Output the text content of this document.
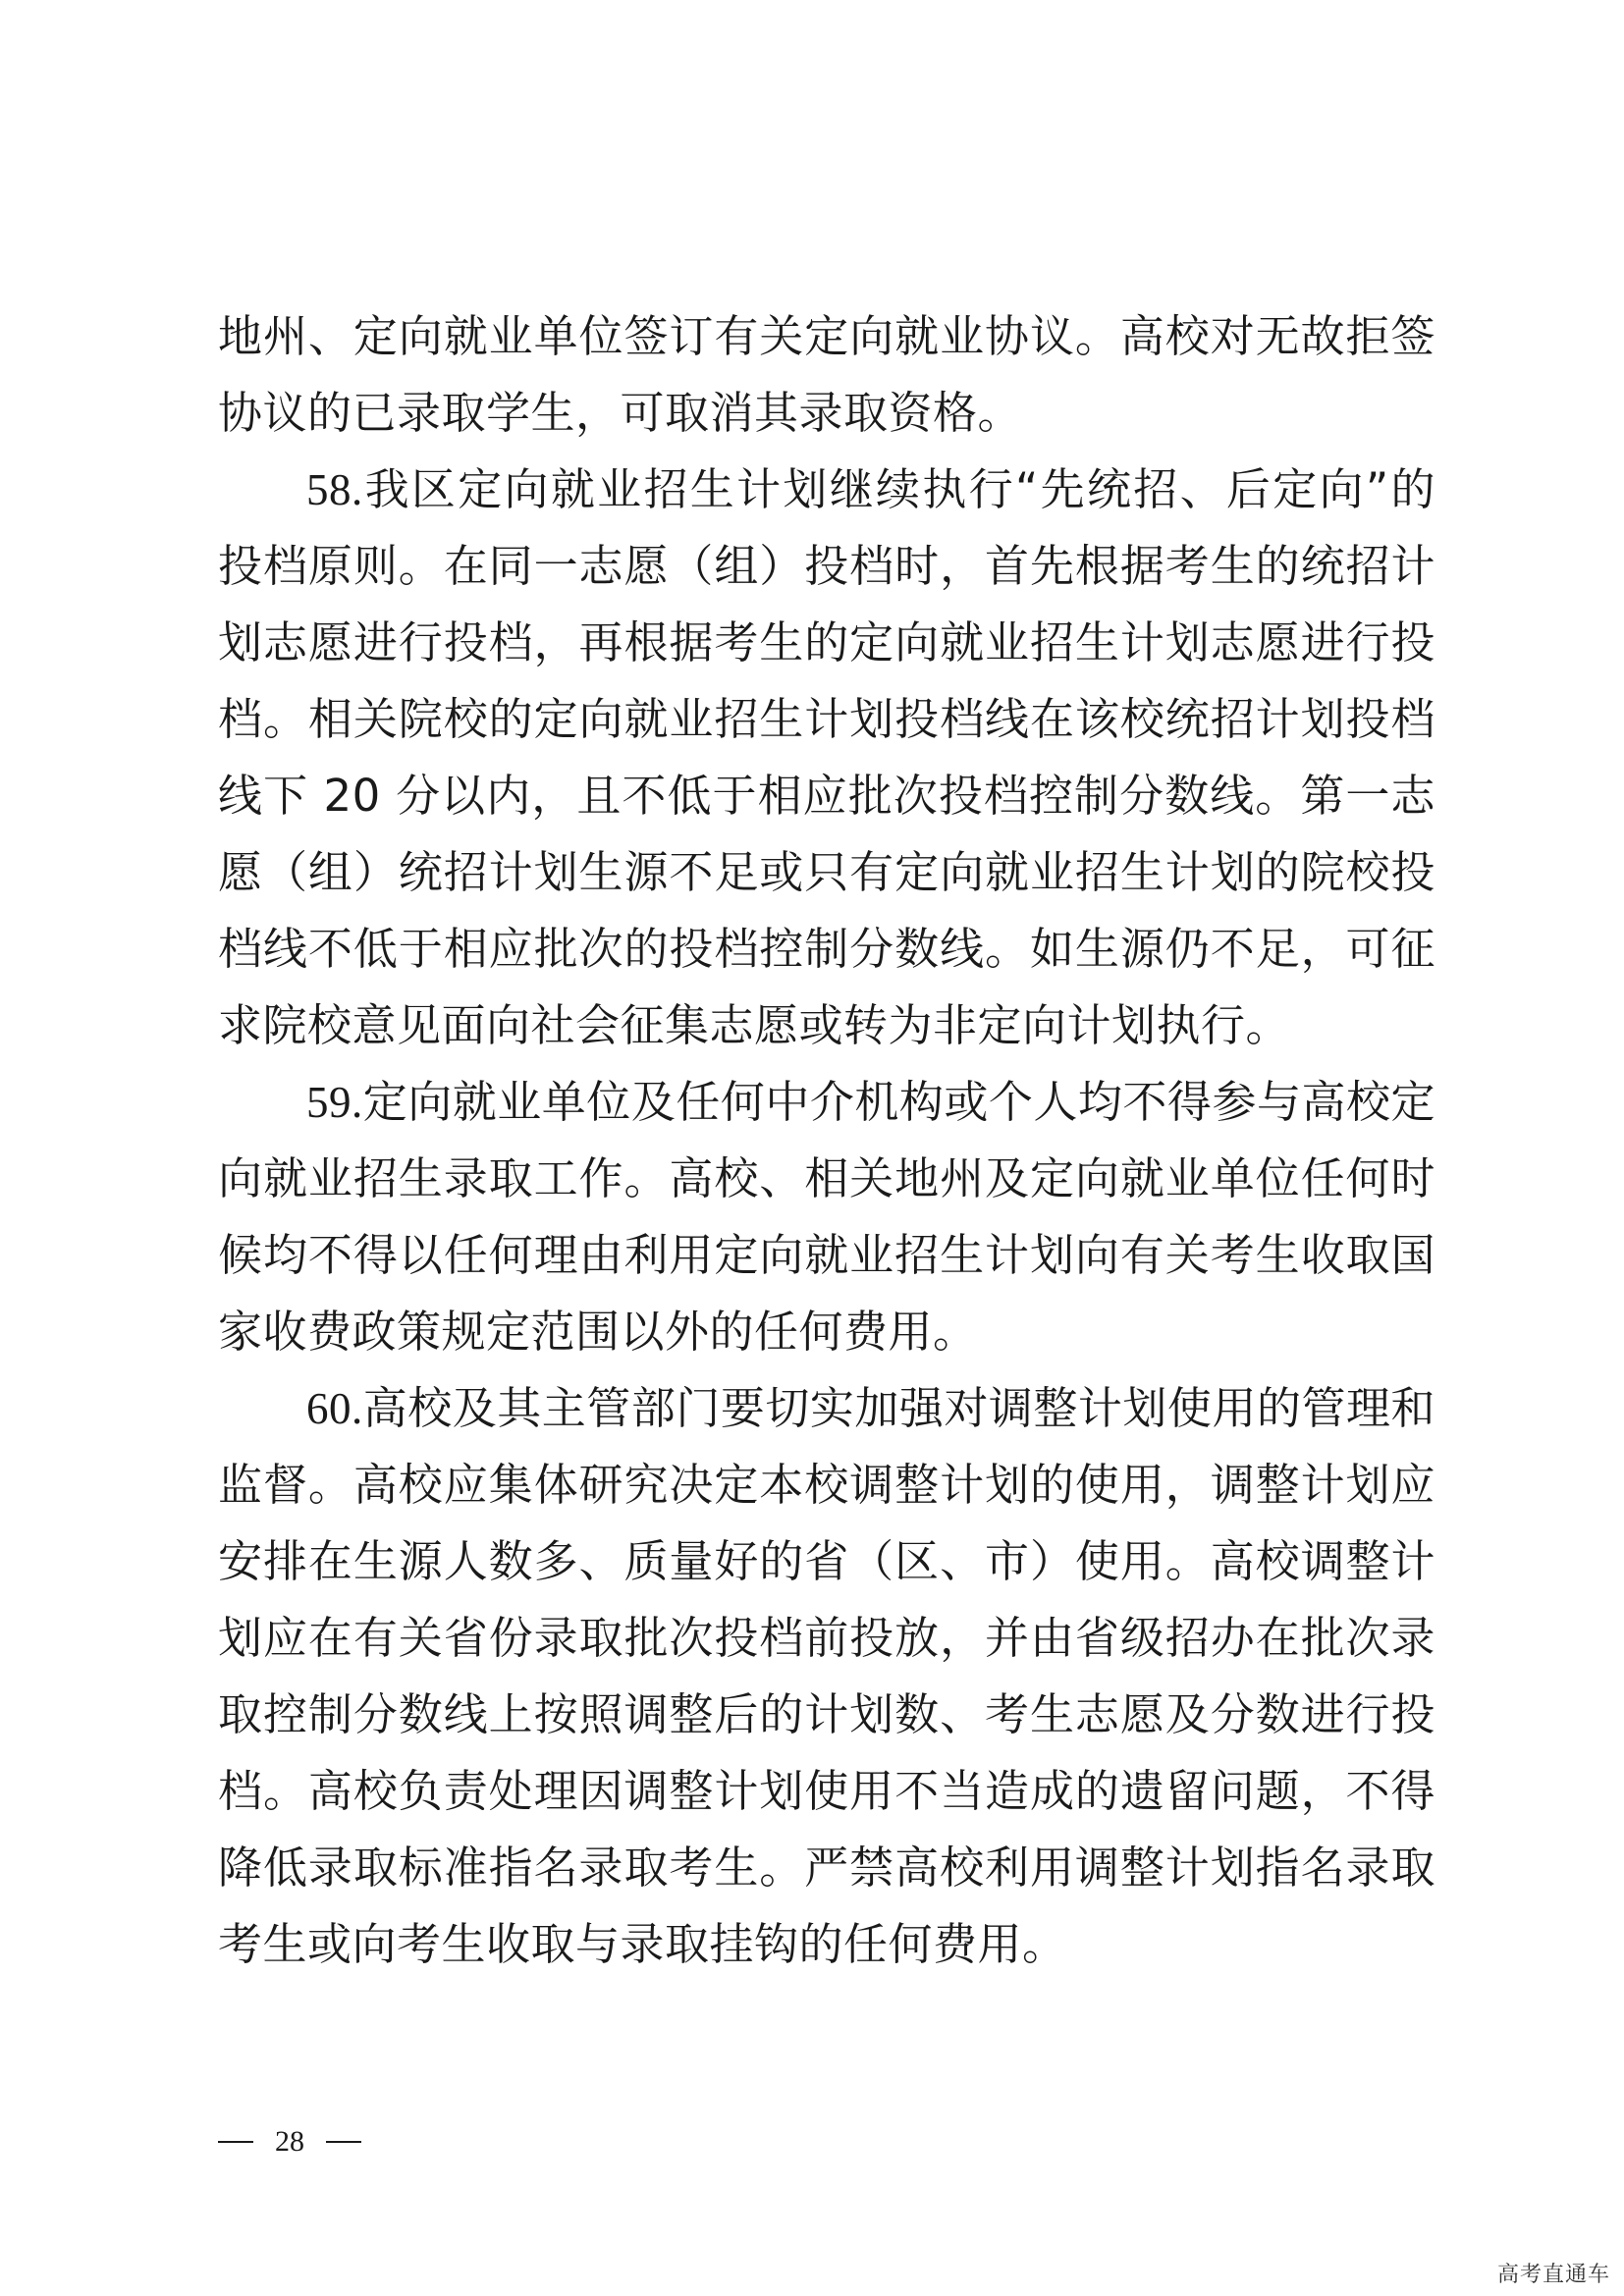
地州、定向就业单位签订有关定向就业协议。高校对无故拒签协议的已录取学生，可取消其录取资格。

58.我区定向就业招生计划继续执行“先统招、后定向”的投档原则。在同一志愿（组）投档时，首先根据考生的统招计划志愿进行投档，再根据考生的定向就业招生计划志愿进行投档。相关院校的定向就业招生计划投档线在该校统招计划投档线下 20 分以内，且不低于相应批次投档控制分数线。第一志愿（组）统招计划生源不足或只有定向就业招生计划的院校投档线不低于相应批次的投档控制分数线。如生源仍不足，可征求院校意见面向社会征集志愿或转为非定向计划执行。

59.定向就业单位及任何中介机构或个人均不得参与高校定向就业招生录取工作。高校、相关地州及定向就业单位任何时候均不得以任何理由利用定向就业招生计划向有关考生收取国家收费政策规定范围以外的任何费用。

60.高校及其主管部门要切实加强对调整计划使用的管理和监督。高校应集体研究决定本校调整计划的使用，调整计划应安排在生源人数多、质量好的省（区、市）使用。高校调整计划应在有关省份录取批次投档前投放，并由省级招办在批次录取控制分数线上按照调整后的计划数、考生志愿及分数进行投档。高校负责处理因调整计划使用不当造成的遗留问题，不得降低录取标准指名录取考生。严禁高校利用调整计划指名录取考生或向考生收取与录取挂钩的任何费用。

28
高考直通车
